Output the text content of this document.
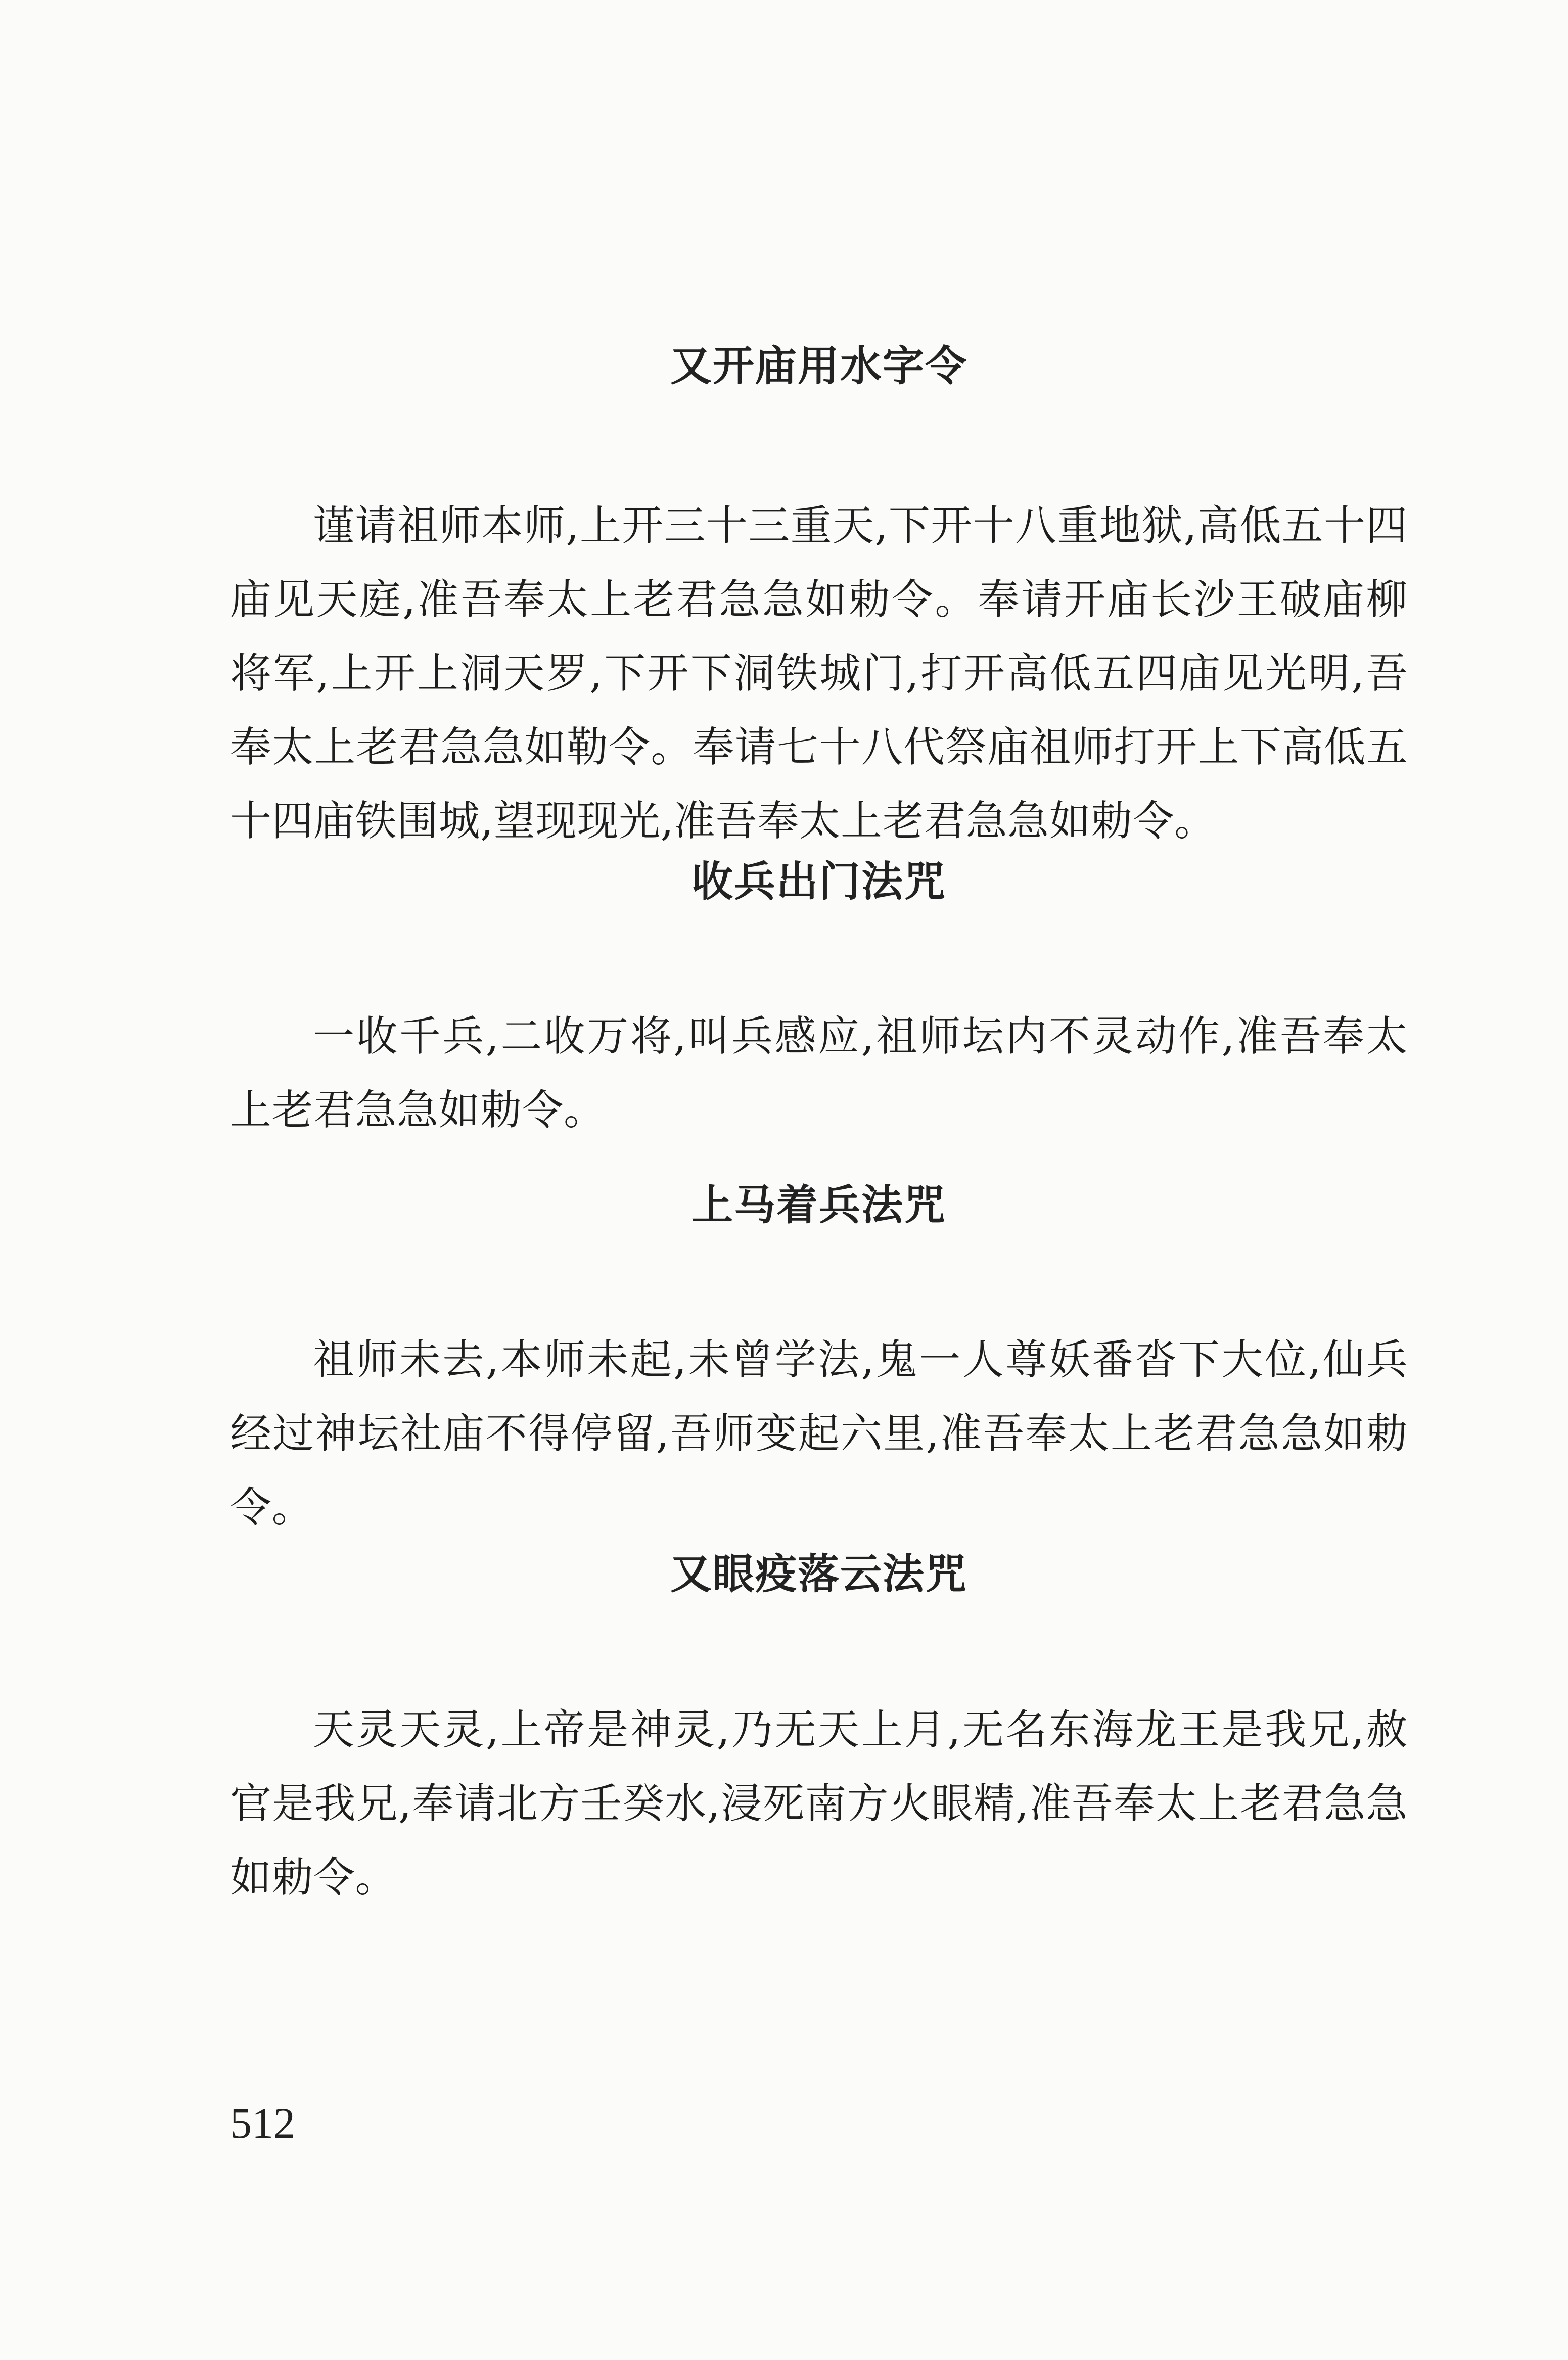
又开庙用水字令

谨请祖师本师,上开三十三重天,下开十八重地狱,高低五十四庙见天庭,准吾奉太上老君急急如勅令。奉请开庙长沙王破庙柳将军,上开上洞天罗,下开下洞铁城门,打开高低五四庙见光明,吾奉太上老君急急如勒令。奉请七十八代祭庙祖师打开上下高低五十四庙铁围城,望现现光,准吾奉太上老君急急如勅令。

收兵出门法咒

一收千兵,二收万将,叫兵感应,祖师坛内不灵动作,准吾奉太上老君急急如勅令。

上马着兵法咒

祖师未去,本师未起,未曾学法,鬼一人尊妖番沓下大位,仙兵经过神坛社庙不得停留,吾师变起六里,准吾奉太上老君急急如勅令。

又眼疫落云法咒

天灵天灵,上帝是神灵,乃无天上月,无名东海龙王是我兄,赦官是我兄,奉请北方壬癸水,浸死南方火眼精,准吾奉太上老君急急如勅令。

512
